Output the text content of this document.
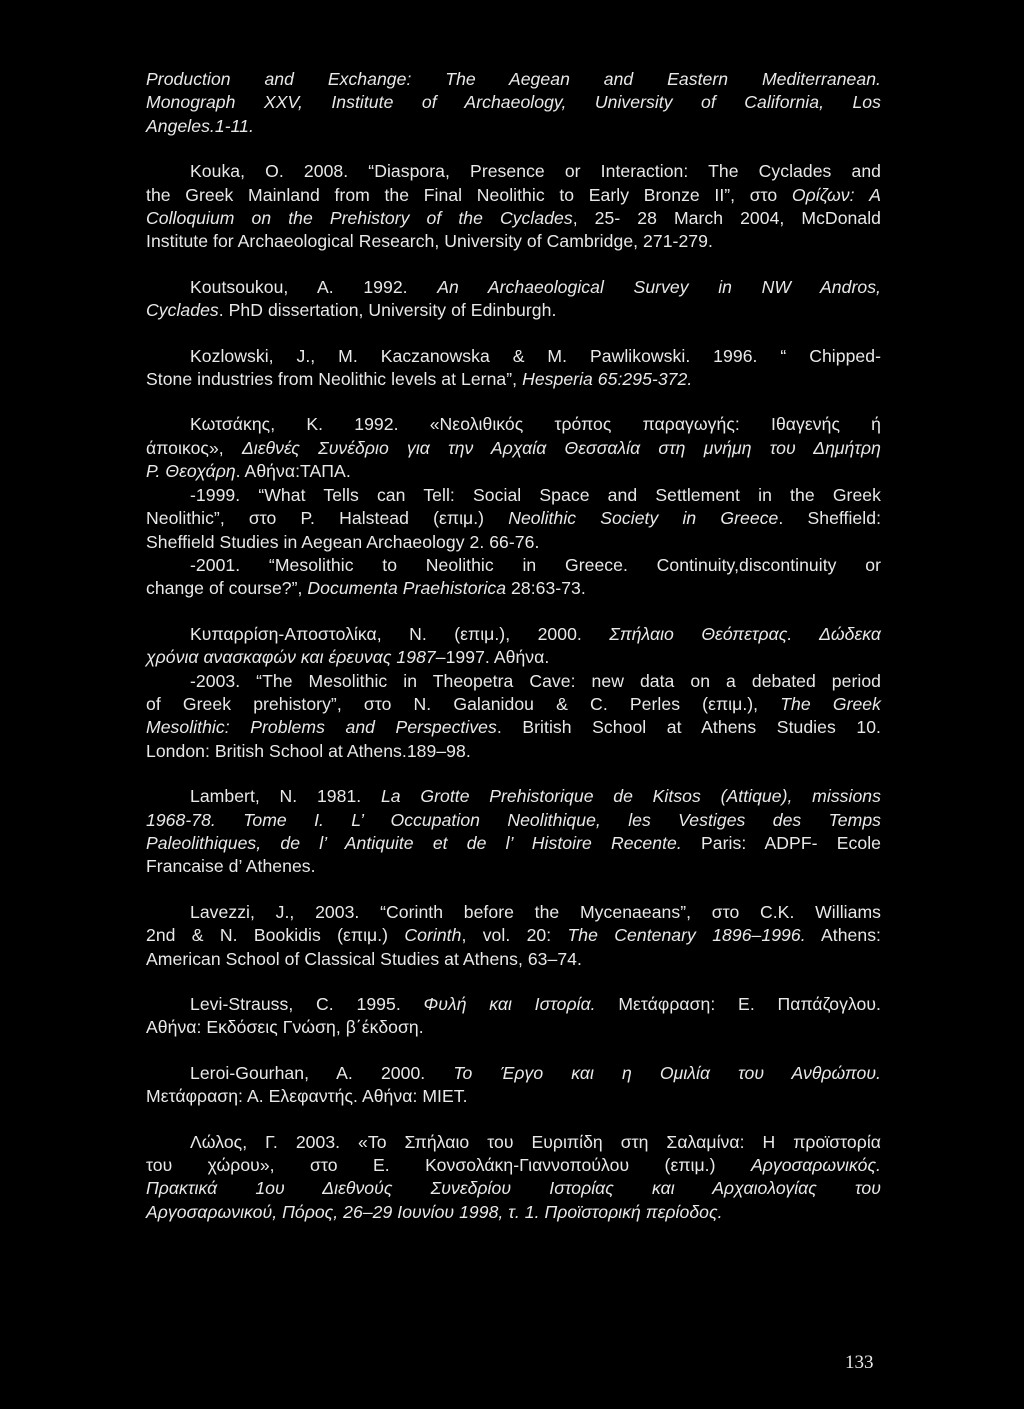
Production and Exchange: The Aegean and Eastern Mediterranean.
Monograph XXV, Institute of Archaeology, University of California, Los
Angeles.1-11.
Kouka, O. 2008. “Diaspora, Presence or Interaction: The Cyclades and
the Greek Mainland from the Final Neolithic to Early Bronze II”, στο Ορίζων: A
Colloquium on the Prehistory of the Cyclades, 25- 28 March 2004, McDonald
Institute for Archaeological Research, University of Cambridge, 271-279.
Koutsoukou, A. 1992. An Archaeological Survey in NW Andros,
Cyclades. PhD dissertation, University of Edinburgh.
Kozlowski, J., M. Kaczanowska & M. Pawlikowski. 1996. “ Chipped-
Stone industries from Neolithic levels at Lerna”, Hesperia 65:295-372.
Κωτσάκης, Κ. 1992. «Νεολιθικός τρόπος παραγωγής: Ιθαγενής ή
άποικος», Διεθνές Συνέδριο για την Αρχαία Θεσσαλία στη μνήμη του Δημήτρη
Ρ. Θεοχάρη. Αθήνα:ΤΑΠΑ.
-1999. “What Tells can Tell: Social Space and Settlement in the Greek
Neolithic”, στο P. Halstead (επιμ.) Neolithic Society in Greece. Sheffield:
Sheffield Studies in Aegean Archaeology 2. 66-76.
-2001. “Mesolithic to Neolithic in Greece. Continuity,discontinuity or
change of course?”, Documenta Praehistorica 28:63-73.
Κυπαρρίση-Αποστολίκα, Ν. (επιμ.), 2000. Σπήλαιο Θεόπετρας. Δώδεκα
χρόνια ανασκαφών και έρευνας 1987–1997. Αθήνα.
-2003. “The Mesolithic in Theopetra Cave: new data on a debated period
of Greek prehistory”, στο N. Galanidou & C. Perles (επιμ.), The Greek
Mesolithic: Problems and Perspectives. British School at Athens Studies 10.
London: British School at Athens.189–98.
Lambert, N. 1981. La Grotte Prehistorique de Kitsos (Attique), missions
1968-78. Tome I. L’ Occupation Neolithique, les Vestiges des Temps
Paleolithiques, de l’ Antiquite et de l’ Histoire Recente. Paris: ADPF- Ecole
Francaise d’ Athenes.
Lavezzi, J., 2003. “Corinth before the Mycenaeans”, στο C.K. Williams
2nd & N. Bookidis (επιμ.) Corinth, vol. 20: The Centenary 1896–1996. Athens:
American School of Classical Studies at Athens, 63–74.
Levi-Strauss, C. 1995. Φυλή και Ιστορία. Μετάφραση: Ε. Παπάζογλου.
Αθήνα: Εκδόσεις Γνώση, β΄έκδοση.
Leroi-Gourhan, A. 2000. Το Έργο και η Ομιλία του Ανθρώπου.
Μετάφραση: Α. Ελεφαντής. Αθήνα: ΜΙΕΤ.
Λώλος, Γ. 2003. «Το Σπήλαιο του Ευριπίδη στη Σαλαμίνα: Η προϊστορία
του χώρου», στο Ε. Κονσολάκη-Γιαννοπούλου (επιμ.) Αργοσαρωνικός.
Πρακτικά 1ου Διεθνούς Συνεδρίου Ιστορίας και Αρχαιολογίας του
Αργοσαρωνικού, Πόρος, 26–29 Ιουνίου 1998, τ. 1. Προϊστορική περίοδος.
133
